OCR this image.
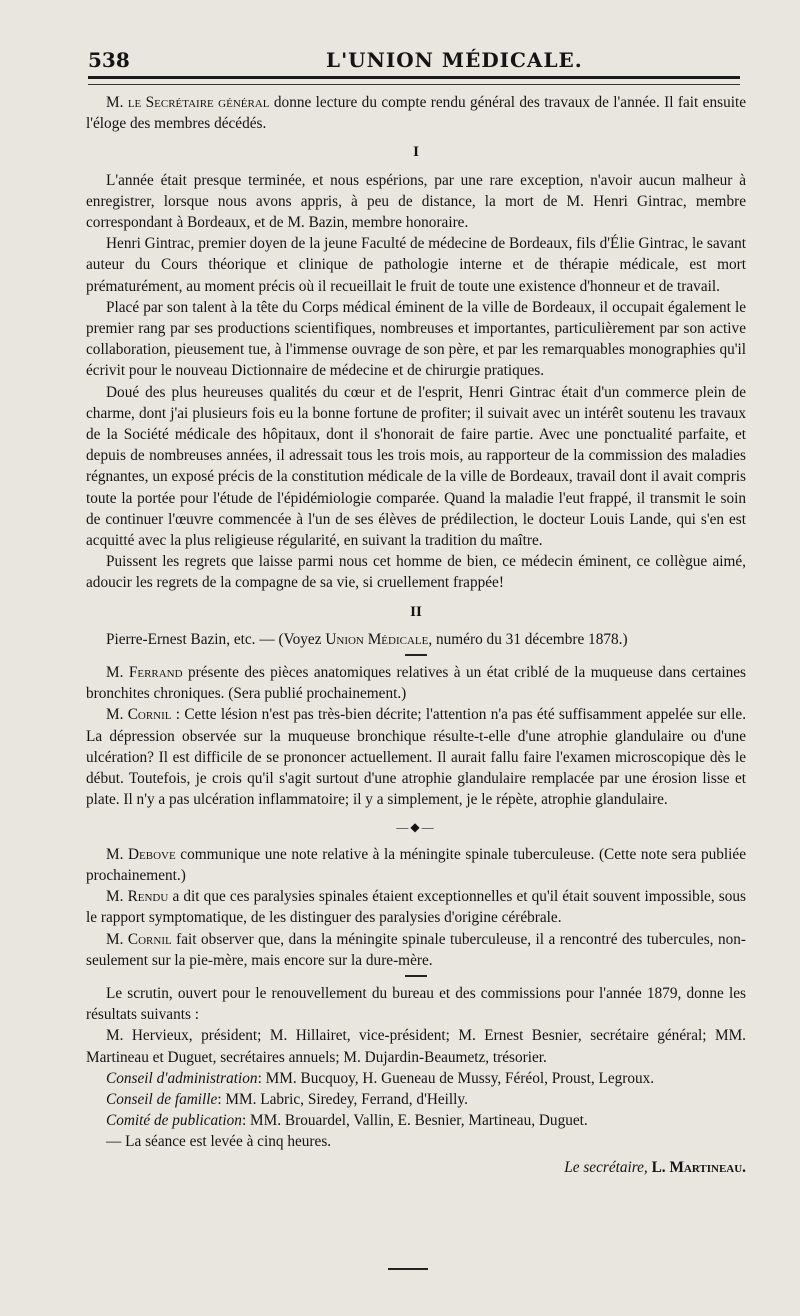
538	L'UNION MÉDICALE.

M. le Secrétaire général donne lecture du compte rendu général des travaux de l'année. Il fait ensuite l'éloge des membres décédés.

I

L'année était presque terminée, et nous espérions, par une rare exception, n'avoir aucun malheur à enregistrer, lorsque nous avons appris, à peu de distance, la mort de M. Henri Gintrac, membre correspondant à Bordeaux, et de M. Bazin, membre honoraire.

Henri Gintrac, premier doyen de la jeune Faculté de médecine de Bordeaux, fils d'Élie Gintrac, le savant auteur du Cours théorique et clinique de pathologie interne et de thérapie médicale, est mort prématurément, au moment précis où il recueillait le fruit de toute une existence d'honneur et de travail.

Placé par son talent à la tête du Corps médical éminent de la ville de Bordeaux, il occupait également le premier rang par ses productions scientifiques, nombreuses et importantes, particulièrement par son active collaboration, pieusement tue, à l'immense ouvrage de son père, et par les remarquables monographies qu'il écrivit pour le nouveau Dictionnaire de médecine et de chirurgie pratiques.

Doué des plus heureuses qualités du cœur et de l'esprit, Henri Gintrac était d'un commerce plein de charme, dont j'ai plusieurs fois eu la bonne fortune de profiter; il suivait avec un intérêt soutenu les travaux de la Société médicale des hôpitaux, dont il s'honorait de faire partie. Avec une ponctualité parfaite, et depuis de nombreuses années, il adressait tous les trois mois, au rapporteur de la commission des maladies régnantes, un exposé précis de la constitution médicale de la ville de Bordeaux, travail dont il avait compris toute la portée pour l'étude de l'épidémiologie comparée. Quand la maladie l'eut frappé, il transmit le soin de continuer l'œuvre commencée à l'un de ses élèves de prédilection, le docteur Louis Lande, qui s'en est acquitté avec la plus religieuse régularité, en suivant la tradition du maître.

Puissent les regrets que laisse parmi nous cet homme de bien, ce médecin éminent, ce collègue aimé, adoucir les regrets de la compagne de sa vie, si cruellement frappée!

II

Pierre-Ernest Bazin, etc. — (Voyez Union Médicale, numéro du 31 décembre 1878.)

M. Ferrand présente des pièces anatomiques relatives à un état criblé de la muqueuse dans certaines bronchites chroniques. (Sera publié prochainement.)

M. Cornil : Cette lésion n'est pas très-bien décrite; l'attention n'a pas été suffisamment appelée sur elle. La dépression observée sur la muqueuse bronchique résulte-t-elle d'une atrophie glandulaire ou d'une ulcération? Il est difficile de se prononcer actuellement. Il aurait fallu faire l'examen microscopique dès le début. Toutefois, je crois qu'il s'agit surtout d'une atrophie glandulaire remplacée par une érosion lisse et plate. Il n'y a pas ulcération inflammatoire; il y a simplement, je le répète, atrophie glandulaire.

—◆—

M. Debove communique une note relative à la méningite spinale tuberculeuse. (Cette note sera publiée prochainement.)

M. Rendu a dit que ces paralysies spinales étaient exceptionnelles et qu'il était souvent impossible, sous le rapport symptomatique, de les distinguer des paralysies d'origine cérébrale.

M. Cornil fait observer que, dans la méningite spinale tuberculeuse, il a rencontré des tubercules, non-seulement sur la pie-mère, mais encore sur la dure-mère.

Le scrutin, ouvert pour le renouvellement du bureau et des commissions pour l'année 1879, donne les résultats suivants :

M. Hervieux, président; M. Hillairet, vice-président; M. Ernest Besnier, secrétaire général; MM. Martineau et Duguet, secrétaires annuels; M. Dujardin-Beaumetz, trésorier.

Conseil d'administration: MM. Bucquoy, H. Gueneau de Mussy, Féréol, Proust, Legroux.

Conseil de famille: MM. Labric, Siredey, Ferrand, d'Heilly.

Comité de publication: MM. Brouardel, Vallin, E. Besnier, Martineau, Duguet.

— La séance est levée à cinq heures.

Le secrétaire, L. Martineau.
